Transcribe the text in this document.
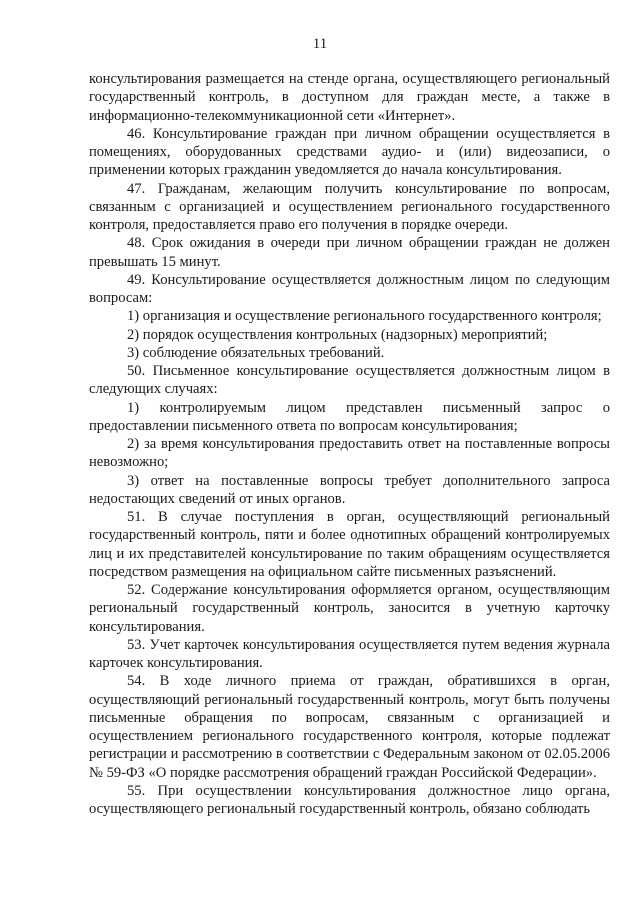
11

консультирования размещается на стенде органа, осуществляющего региональный государственный контроль, в доступном для граждан месте, а также в информационно-телекоммуникационной сети «Интернет».

46. Консультирование граждан при личном обращении осуществляется в помещениях, оборудованных средствами аудио- и (или) видеозаписи, о применении которых гражданин уведомляется до начала консультирования.

47. Гражданам, желающим получить консультирование по вопросам, связанным с организацией и осуществлением регионального государственного контроля, предоставляется право его получения в порядке очереди.

48. Срок ожидания в очереди при личном обращении граждан не должен превышать 15 минут.

49. Консультирование осуществляется должностным лицом по следующим вопросам:

1) организация и осуществление регионального государственного контроля;

2) порядок осуществления контрольных (надзорных) мероприятий;

3) соблюдение обязательных требований.

50. Письменное консультирование осуществляется должностным лицом в следующих случаях:

1) контролируемым лицом представлен письменный запрос о предоставлении письменного ответа по вопросам консультирования;

2) за время консультирования предоставить ответ на поставленные вопросы невозможно;

3) ответ на поставленные вопросы требует дополнительного запроса недостающих сведений от иных органов.

51. В случае поступления в орган, осуществляющий региональный государственный контроль, пяти и более однотипных обращений контролируемых лиц и их представителей консультирование по таким обращениям осуществляется посредством размещения на официальном сайте письменных разъяснений.

52. Содержание консультирования оформляется органом, осуществляющим региональный государственный контроль, заносится в учетную карточку консультирования.

53. Учет карточек консультирования осуществляется путем ведения журнала карточек консультирования.

54. В ходе личного приема от граждан, обратившихся в орган, осуществляющий региональный государственный контроль, могут быть получены письменные обращения по вопросам, связанным с организацией и осуществлением регионального государственного контроля, которые подлежат регистрации и рассмотрению в соответствии с Федеральным законом от 02.05.2006 № 59-ФЗ «О порядке рассмотрения обращений граждан Российской Федерации».

55. При осуществлении консультирования должностное лицо органа, осуществляющего региональный государственный контроль, обязано соблюдать
